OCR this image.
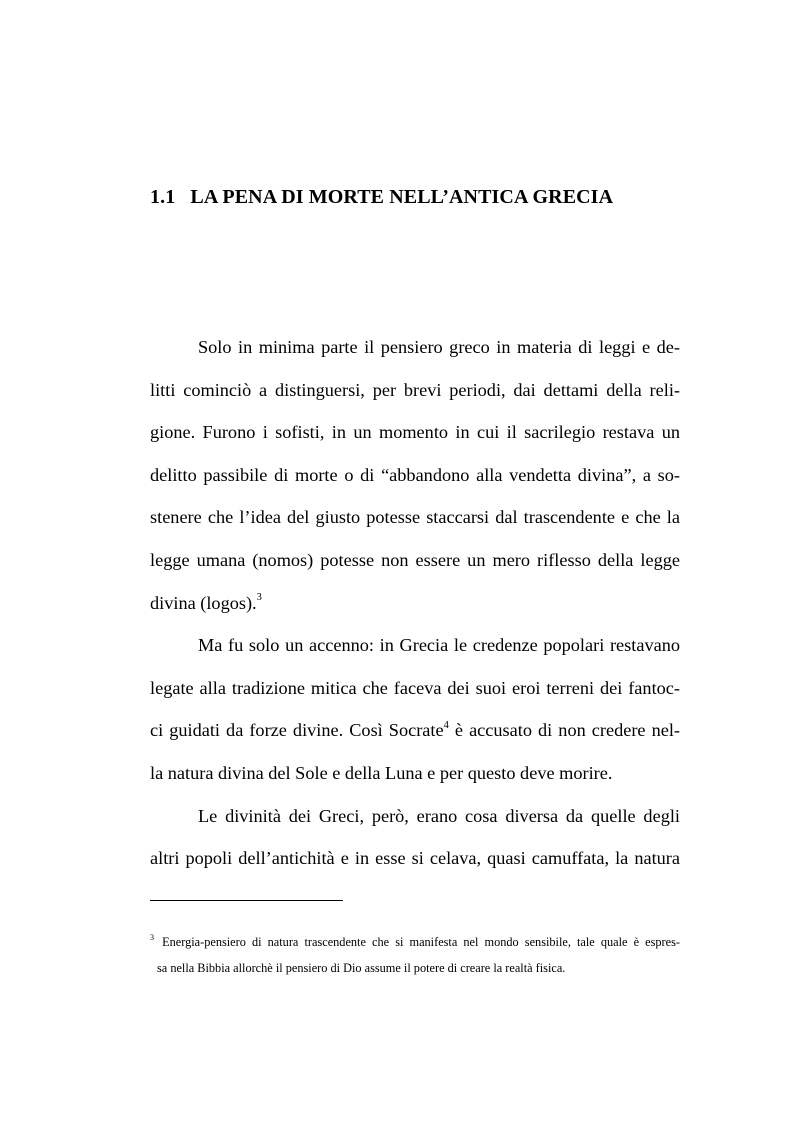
1.1 LA PENA DI MORTE NELL’ANTICA GRECIA
Solo in minima parte il pensiero greco in materia di leggi e de-
litti cominciò a distinguersi, per brevi periodi, dai dettami della reli-
gione. Furono i sofisti, in un momento in cui il sacrilegio restava un
delitto passibile di morte o di “abbandono alla vendetta divina”, a so-
stenere che l’idea del giusto potesse staccarsi dal trascendente e che la
legge umana (nomos) potesse non essere un mero riflesso della legge
divina (logos).$^3$
Ma fu solo un accenno: in Grecia le credenze popolari restavano
legate alla tradizione mitica che faceva dei suoi eroi terreni dei fantoc-
ci guidati da forze divine. Così Socrate$^4$ è accusato di non credere nel-
la natura divina del Sole e della Luna e per questo deve morire.
Le divinità dei Greci, però, erano cosa diversa da quelle degli
altri popoli dell’antichità e in esse si celava, quasi camuffata, la natura
$^3$ Energia-pensiero di natura trascendente che si manifesta nel mondo sensibile, tale quale è espres-
sa nella Bibbia allorchè il pensiero di Dio assume il potere di creare la realtà fisica.
